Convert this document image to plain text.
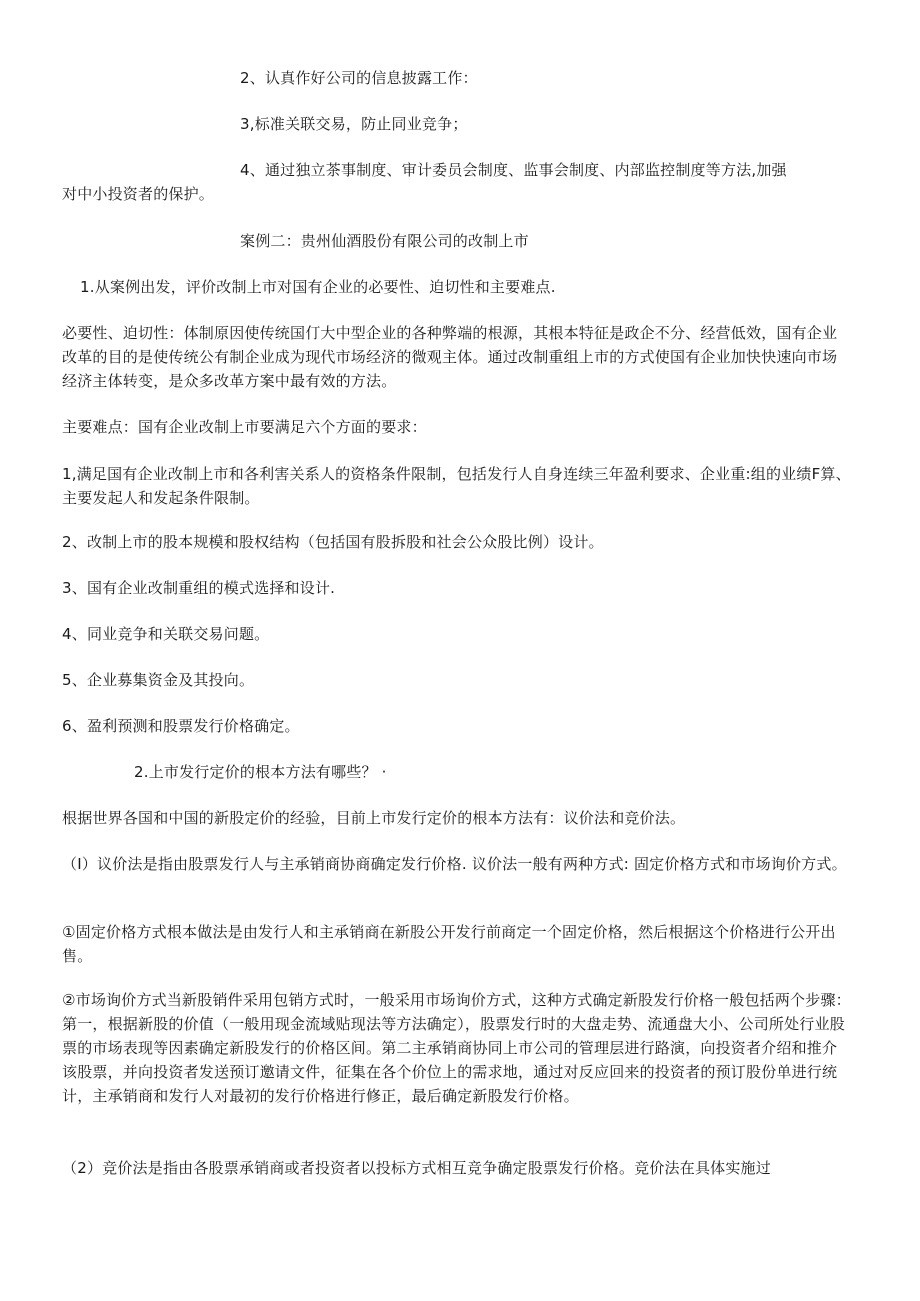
2、认真作好公司的信息披露工作：
3,标准关联交易，防止同业竞争；
4、通过独立茶事制度、审计委员会制度、监事会制度、内部监控制度等方法,加强
对中小投资者的保护。
案例二：贵州仙酒股份有限公司的改制上市
1.从案例出发，评价改制上市对国有企业的必要性、迫切性和主要难点.
必要性、迫切性：体制原因使传统国仃大中型企业的各种弊端的根源，其根本特征是政企不分、经营低效，国有企业改革的目的是使传统公有制企业成为现代市场经济的微观主体。通过改制重组上市的方式使国有企业加快快速向市场经济主体转变，是众多改革方案中最有效的方法。
主要难点：国有企业改制上市要满足六个方面的要求：
1,满足国有企业改制上市和各利害关系人的资格条件限制，包括发行人自身连续三年盈利要求、企业重:组的业绩F算、主要发起人和发起条件限制。
2、改制上市的股本规模和股权结构（包括国有股拆股和社会公众股比例）设计。
3、国有企业改制重组的模式选择和设计.
4、同业竞争和关联交易问题。
5、企业募集资金及其投向。
6、盈利预测和股票发行价格确定。
2.上市发行定价的根本方法有哪些？ ·
根据世界各国和中国的新股定价的经验，目前上市发行定价的根本方法有：议价法和竞价法。
（I）议价法是指由股票发行人与主承销商协商确定发行价格. 议价法一般有两种方式: 固定价格方式和市场询价方式。
①固定价格方式根本做法是由发行人和主承销商在新股公开发行前商定一个固定价格，然后根据这个价格进行公开出售。
②市场询价方式当新股销件采用包销方式时，一般采用市场询价方式，这种方式确定新股发行价格一般包括两个步骤：第一，根据新股的价值（一般用现金流域贴现法等方法确定），股票发行时的大盘走势、流通盘大小、公司所处行业股票的市场表现等因素确定新股发行的价格区间。第二主承销商协同上市公司的管理层进行路演，向投资者介绍和推介该股票，并向投资者发送预订邀请文件，征集在各个价位上的需求地，通过对反应回来的投资者的预订股份单进行统计，主承销商和发行人对最初的发行价格进行修正，最后确定新股发行价格。
（2）竞价法是指由各股票承销商或者投资者以投标方式相互竞争确定股票发行价格。竞价法在具体实施过
